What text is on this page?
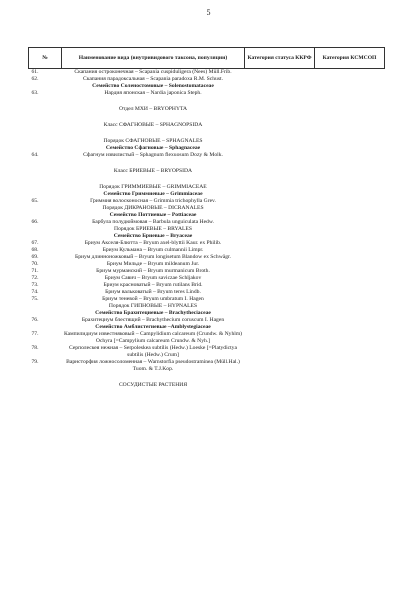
5
№	Наименование вида (внутривидового таксона, популяции)	Категория статуса ККРФ	Категория КСМСОП
61.	Скапания остроконечная – Scapania cuspiduligera (Nees) Müll.Frib.		
62.	Скапания парадоксальная – Scapania paradoxa R.M. Schust.		
	Семейство Соленостомовые – Solenostomataceae		
63.	Нардия японская – Nardia japonica Steph.		

	Отдел МХИ – BRYOPHYTA		

	Класс СФАГНОВЫЕ – SPHAGNOPSIDA		

	Порядок СФАГНОВЫЕ – SPHAGNALES		
	Семейство Сфагновые – Sphagnaceae		
64.	Сфагнум извилистый – Sphagnum flexuosum Dozy & Molk.		

	Класс БРИЕВЫЕ – BRYOPSIDA		

	Порядок ГРИММИЕВЫЕ – GRIMMIACEAE		
	Семейство Гриммиевые – Grimmiaceae		
65.	Гриммия волосконосная – Grimmia trichophylla Grev.		
	Порядок ДИКРАНОВЫЕ – DICRANALES		
	Семейство Поттиевые – Pottiaceae		
66.	Барбула полудюймовая – Barbula unguiculata Hedw.		
	Порядок БРИЕВЫЕ – BRYALES		
	Семейство Бриевые – Bryaceae		
67.	Бриум Акселя-Блютта – Bryum axel-blyttii Kaur. ex Philib.		
68.	Бриум Кульмана – Bryum culmannii Limpr.		
69.	Бриум длинноножковый – Bryum longisetum Blandow ex Schwägr.		
70.	Бриум Мильде – Bryum mildeanum Jur.		
71.	Бриум мурманский – Bryum murmanicum Broth.		
72.	Бриум Савич – Bryum saviczae Schljakov		
73.	Бриум красноватый – Bryum rutilans Brid.		
74.	Бриум вальковатый – Bryum teres Lindb.		
75.	Бриум теневой – Bryum umbratum I. Hagen		
	Порядок ГИПНОВЫЕ – HYPNALES		
	Семейство Брахитециевые – Brachytheciaceae		
76.	Брахитециум блестящий – Brachythecium coruscum I. Hagen		
	Семейство Амблистегиевые –Amblystegiaceae		
77.	Кампилидиум известняковый – Campylidium calcareum (Crundw. & Nyhlm) Ochyra [=Campylium calcareum Crundw. & Nyh.]		
78.	Серполескея нежная – Serpoleskea subtilis (Hedw.) Loeske [=Platydictya subtilis (Hedw.) Crum]		
79.	Варнсторфия ложносоломенная – Warnstorfia pseudostraminea (Müll.Hal.) Tuom. & T.J.Kop.		

	СОСУДИСТЫЕ РАСТЕНИЯ		
